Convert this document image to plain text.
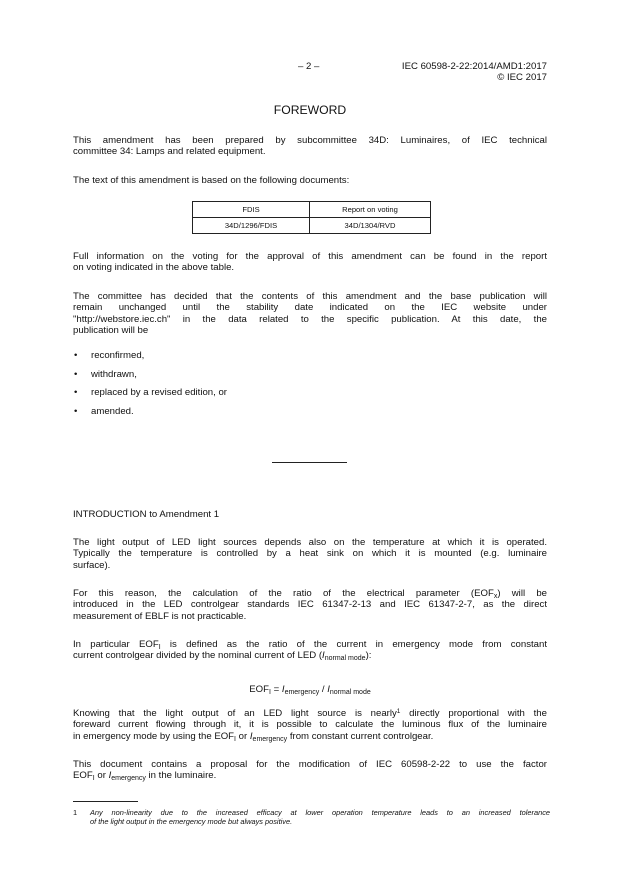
– 2 –	IEC 60598-2-22:2014/AMD1:2017
© IEC 2017
FOREWORD
This amendment has been prepared by subcommittee 34D: Luminaires, of IEC technical
committee 34: Lamps and related equipment.
The text of this amendment is based on the following documents:
FDIS	Report on voting
34D/1296/FDIS	34D/1304/RVD
Full information on the voting for the approval of this amendment can be found in the report
on voting indicated in the above table.
The committee has decided that the contents of this amendment and the base publication will
remain unchanged until the stability date indicated on the IEC website under
"http://webstore.iec.ch" in the data related to the specific publication. At this date, the
publication will be
• reconfirmed,
• withdrawn,
• replaced by a revised edition, or
• amended.
INTRODUCTION to Amendment 1
The light output of LED light sources depends also on the temperature at which it is operated.
Typically the temperature is controlled by a heat sink on which it is mounted (e.g. luminaire
surface).
For this reason, the calculation of the ratio of the electrical parameter $(EOF_x)$ will be
introduced in the LED controlgear standards IEC 61347-2-13 and IEC 61347-2-7, as the direct
measurement of EBLF is not practicable.
In particular $EOF_I$ is defined as the ratio of the current in emergency mode from constant
current controlgear divided by the nominal current of LED $(I_{normal mode})$:
$EOF_I = I_{emergency} / I_{normal mode}$
Knowing that the light output of an LED light source is nearly$^1$ directly proportional with the
foreward current flowing through it, it is possible to calculate the luminous flux of the luminaire
in emergency mode by using the $EOF_I$ or $I_{emergency}$ from constant current controlgear.
This document contains a proposal for the modification of IEC 60598-2-22 to use the factor
$EOF_I$ or $I_{emergency}$ in the luminaire.
1 Any non-linearity due to the increased efficacy at lower operation temperature leads to an increased tolerance
of the light output in the emergency mode but always positive.
